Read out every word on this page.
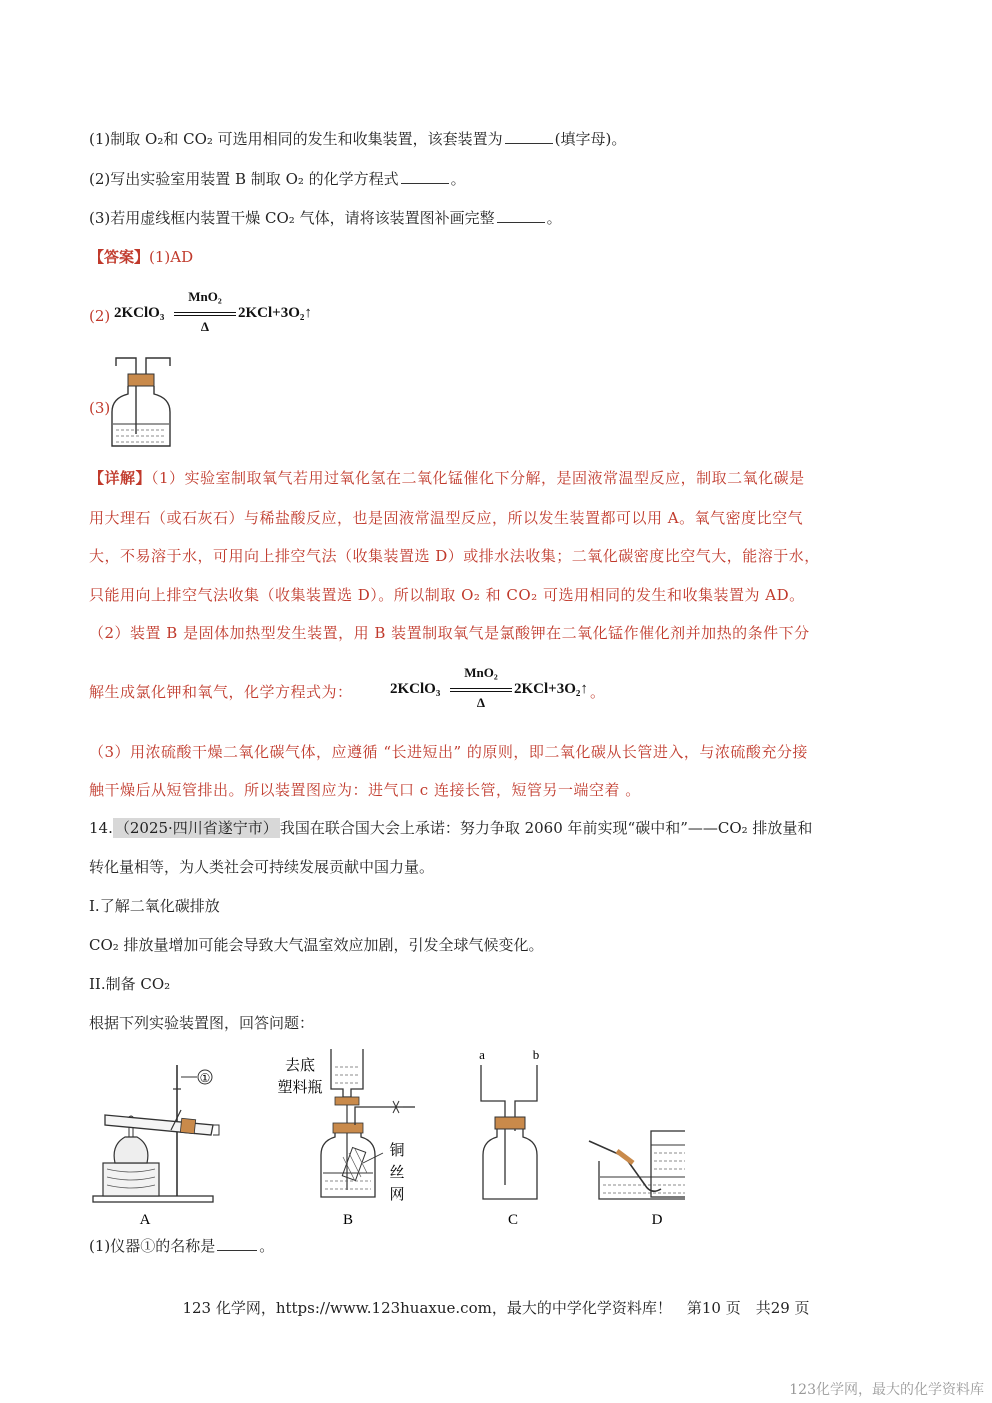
(1)制取 O₂和 CO₂ 可选用相同的发生和收集装置，该套装置为	(填字母)。
(2)写出实验室用装置 B 制取 O₂ 的化学方程式	。
(3)若用虚线框内装置干燥 CO₂ 气体，请将该装置图补画完整	。
【答案】(1)AD
(2) 2KClO₃
MnO₂
Δ
2KCl+3O₂↑
(3)
【详解】（1）实验室制取氧气若用过氧化氢在二氧化锰催化下分解，是固液常温型反应，制取二氧化碳是
用大理石（或石灰石）与稀盐酸反应，也是固液常温型反应，所以发生装置都可以用 A。氧气密度比空气
大，不易溶于水，可用向上排空气法（收集装置选 D）或排水法收集；二氧化碳密度比空气大，能溶于水，
只能用向上排空气法收集（收集装置选 D）。所以制取 O₂ 和 CO₂ 可选用相同的发生和收集装置为 AD。
（2）装置 B 是固体加热型发生装置，用 B 装置制取氧气是氯酸钾在二氧化锰作催化剂并加热的条件下分
解生成氯化钾和氧气，化学方程式为： 2KClO₃
MnO₂
Δ
2KCl+3O₂↑ 。
（3）用浓硫酸干燥二氧化碳气体，应遵循 “长进短出” 的原则，即二氧化碳从长管进入，与浓硫酸充分接
触干燥后从短管排出。所以装置图应为：进气口 c 连接长管，短管另一端空着 。
14. （2025·四川省遂宁市） 我国在联合国大会上承诺：努力争取 2060 年前实现“碳中和”——CO₂ 排放量和
转化量相等，为人类社会可持续发展贡献中国力量。
I.了解二氧化碳排放
CO₂ 排放量增加可能会导致大气温室效应加剧，引发全球气候变化。
II.制备 CO₂
根据下列实验装置图，回答问题：
①
A
去底
塑料瓶
铜
丝
网
B
a	b
C	D
(1)仪器①的名称是	。
123 化学网，https://www.123huaxue.com，最大的中学化学资料库！　第10 页　共29 页
123化学网，最大的化学资料库
